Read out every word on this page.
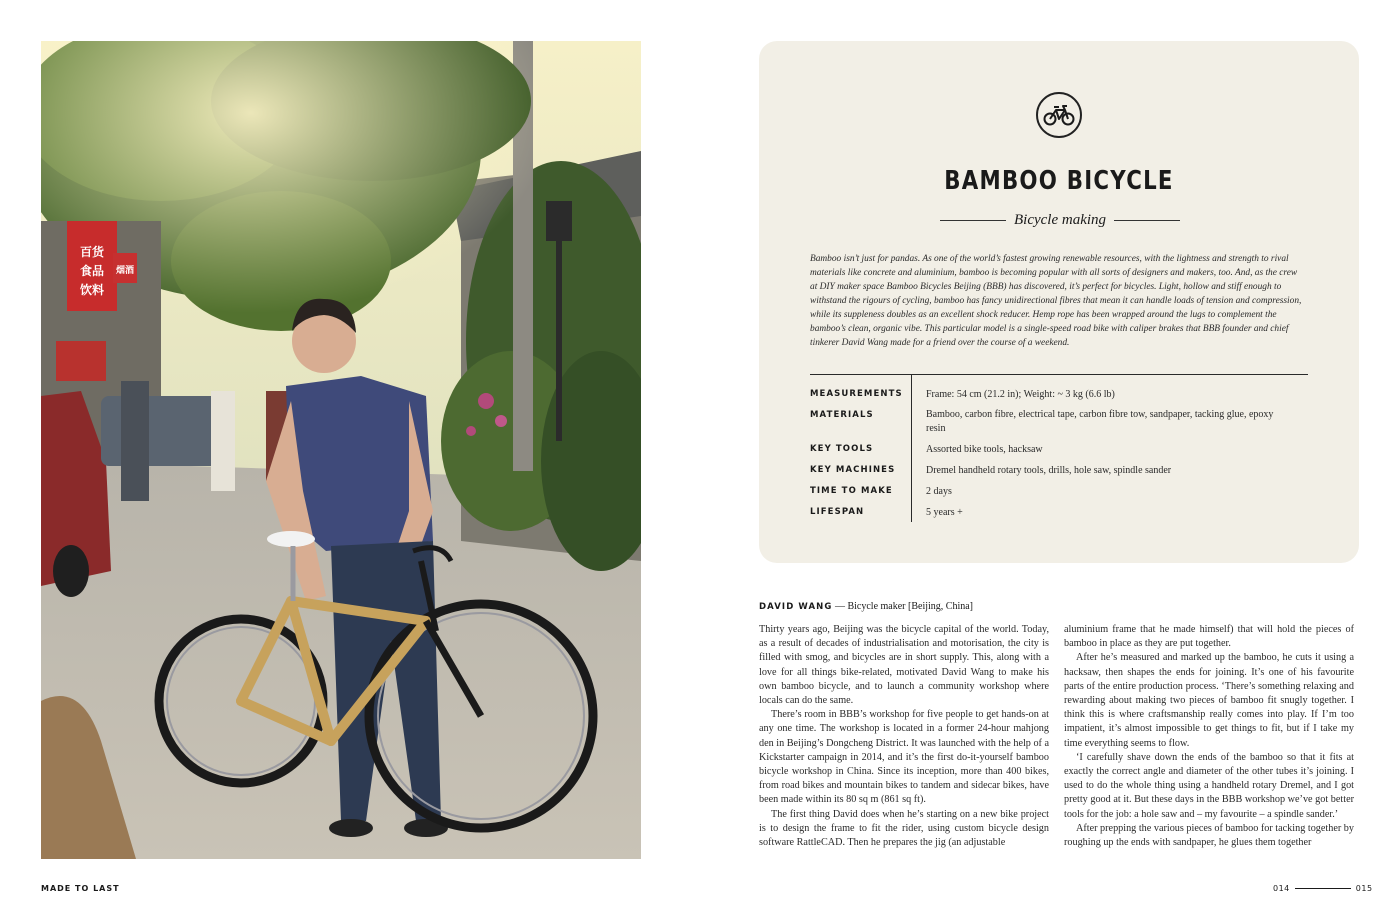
百货
食品
饮料
烟酒
BAMBOO BICYCLE
Bicycle making

Bamboo isn’t just for pandas. As one of the world’s fastest growing renewable resources, with the lightness and strength to rival materials like concrete and aluminium, bamboo is becoming popular with all sorts of designers and makers, too. And, as the crew at DIY maker space Bamboo Bicycles Beijing (BBB) has discovered, it’s perfect for bicycles. Light, hollow and stiff enough to withstand the rigours of cycling, bamboo has fancy unidirectional fibres that mean it can handle loads of tension and compression, while its suppleness doubles as an excellent shock reducer. Hemp rope has been wrapped around the lugs to complement the bamboo’s clean, organic vibe. This particular model is a single-speed road bike with caliper brakes that BBB founder and chief tinkerer David Wang made for a friend over the course of a weekend.

MEASUREMENTS Frame: 54 cm (21.2 in); Weight: ~ 3 kg (6.6 lb)
MATERIALS	Bamboo, carbon fibre, electrical tape, carbon fibre tow, sandpaper, tacking glue, epoxy resin
KEY TOOLS	Assorted bike tools, hacksaw
KEY MACHINES	Dremel handheld rotary tools, drills, hole saw, spindle sander
TIME TO MAKE	2 days
LIFESPAN	5 years +
DAVID WANG — Bicycle maker [Beijing, China]

Thirty years ago, Beijing was the bicycle capital of the world. Today, as a result of decades of industrialisation and motorisation, the city is filled with smog, and bicycles are in short supply. This, along with a love for all things bike-related, motivated David Wang to make his own bamboo bicycle, and to launch a community workshop where locals can do the same.

There’s room in BBB’s workshop for five people to get hands-on at any one time. The workshop is located in a former 24-hour mahjong den in Beijing’s Dongcheng District. It was launched with the help of a Kickstarter campaign in 2014, and it’s the first do-it-yourself bamboo bicycle workshop in China. Since its inception, more than 400 bikes, from road bikes and mountain bikes to tandem and sidecar bikes, have been made within its 80 sq m (861 sq ft).

The first thing David does when he’s starting on a new bike project is to design the frame to fit the rider, using custom bicycle design software RattleCAD. Then he prepares the jig (an adjustable

aluminium frame that he made himself) that will hold the pieces of bamboo in place as they are put together.

After he’s measured and marked up the bamboo, he cuts it using a hacksaw, then shapes the ends for joining. It’s one of his favourite parts of the entire production process. ‘There’s something relaxing and rewarding about making two pieces of bamboo fit snugly together. I think this is where craftsmanship really comes into play. If I’m too impatient, it’s almost impossible to get things to fit, but if I take my time everything seems to flow.

‘I carefully shave down the ends of the bamboo so that it fits at exactly the correct angle and diameter of the other tubes it’s joining. I used to do the whole thing using a handheld rotary Dremel, and I got pretty good at it. But these days in the BBB workshop we’ve got better tools for the job: a hole saw and – my favourite – a spindle sander.’

After prepping the various pieces of bamboo for tacking together by roughing up the ends with sandpaper, he glues them together

MADE TO LAST	014	015
